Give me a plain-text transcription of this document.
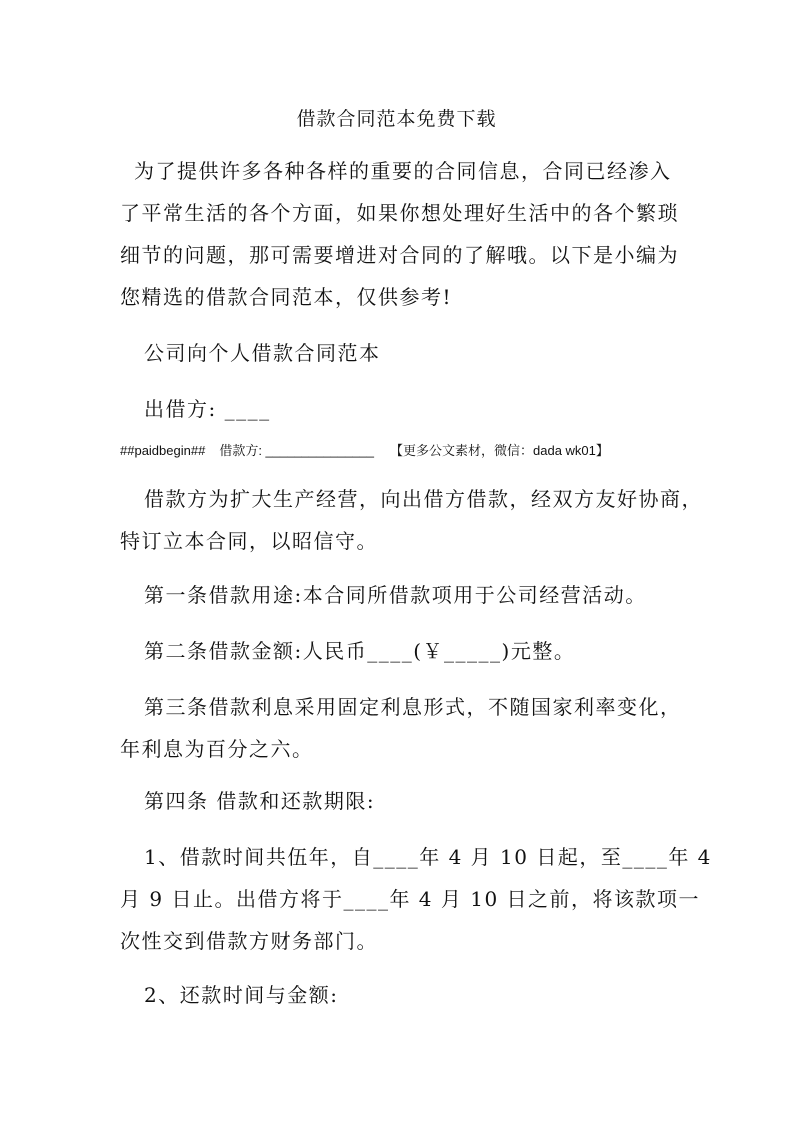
借款合同范本免费下载
为了提供许多各种各样的重要的合同信息，合同已经渗入
了平常生活的各个方面，如果你想处理好生活中的各个繁琐
细节的问题，那可需要增进对合同的了解哦。以下是小编为
您精选的借款合同范本，仅供参考!
公司向个人借款合同范本
出借方: ____
##paidbegin## 借款方: _______________ 【更多公文素材，微信：dada wk01】
借款方为扩大生产经营，向出借方借款，经双方友好协商，
特订立本合同，以昭信守。
第一条借款用途:本合同所借款项用于公司经营活动。
第二条借款金额:人民币____(￥_____)元整。
第三条借款利息采用固定利息形式，不随国家利率变化，
年利息为百分之六。
第四条 借款和还款期限:
1、借款时间共伍年，自____年 4 月 10 日起，至____年 4
月 9 日止。出借方将于____年 4 月 10 日之前，将该款项一
次性交到借款方财务部门。
2、还款时间与金额:
